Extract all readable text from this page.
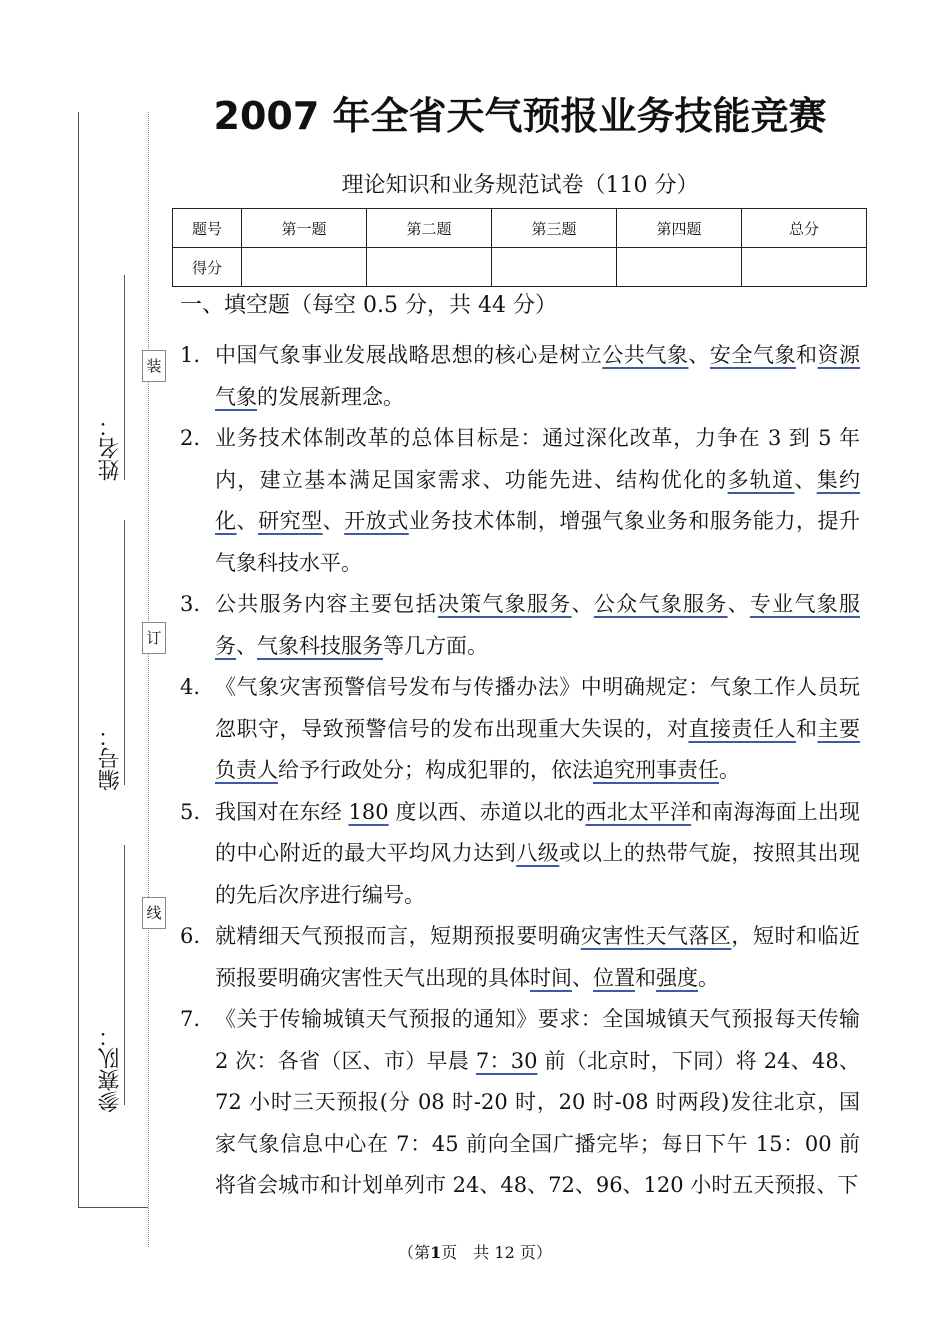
装
订
线
姓名：
编号：
参赛队：
2007 年全省天气预报业务技能竞赛
理论知识和业务规范试卷（110 分）
题号	第一题	第二题	第三题	第四题	总分
得分					
一、填空题（每空 0.5 分，共 44 分）
1. 中国气象事业发展战略思想的核心是树立公共气象、安全气象和资源气象的发展新理念。
2. 业务技术体制改革的总体目标是：通过深化改革，力争在 3 到 5 年内，建立基本满足国家需求、功能先进、结构优化的多轨道、集约化、研究型、开放式业务技术体制，增强气象业务和服务能力，提升气象科技水平。
3. 公共服务内容主要包括决策气象服务、公众气象服务、专业气象服务、气象科技服务等几方面。
4. 《气象灾害预警信号发布与传播办法》中明确规定：气象工作人员玩忽职守，导致预警信号的发布出现重大失误的，对直接责任人和主要负责人给予行政处分；构成犯罪的，依法追究刑事责任。
5. 我国对在东经 180 度以西、赤道以北的西北太平洋和南海海面上出现的中心附近的最大平均风力达到八级或以上的热带气旋，按照其出现的先后次序进行编号。
6. 就精细天气预报而言，短期预报要明确灾害性天气落区，短时和临近预报要明确灾害性天气出现的具体时间、位置和强度。
7. 《关于传输城镇天气预报的通知》要求：全国城镇天气预报每天传输 2 次：各省（区、市）早晨 7：30 前（北京时，下同）将 24、48、72 小时三天预报(分 08 时-20 时，20 时-08 时两段)发往北京，国家气象信息中心在 7：45 前向全国广播完毕；每日下午 15：00 前将省会城市和计划单列市 24、48、72、96、120 小时五天预报、下
（第1页　共 12 页）
